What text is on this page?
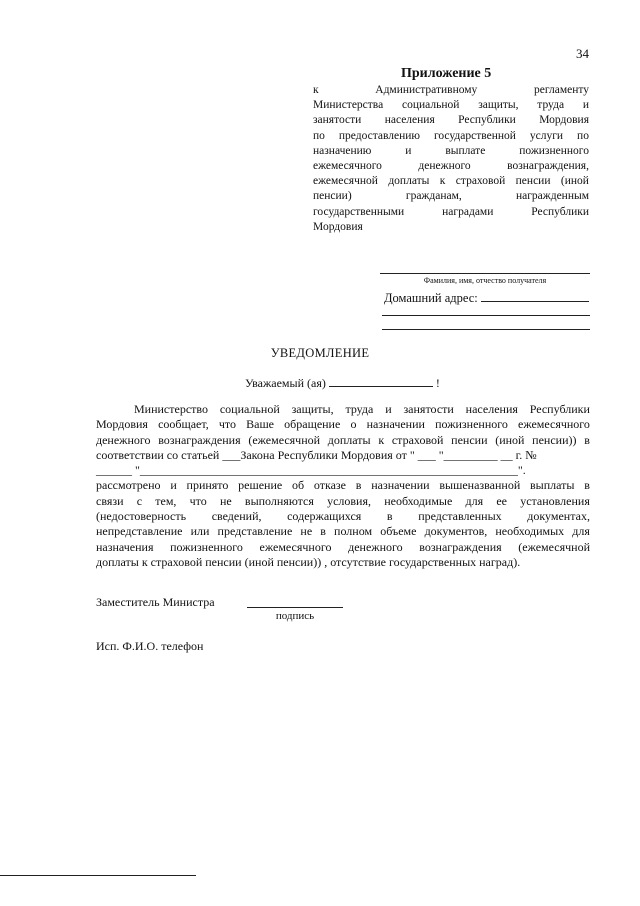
34
Приложение 5
к	Административному	регламенту
Министерства социальной защиты, труда и
занятости населения Республики Мордовия
по предоставлению государственной услуги по
назначению	и	выплате	пожизненного
ежемесячного	денежного	вознаграждения,
ежемесячной доплаты к страховой пенсии (иной
пенсии)	гражданам,	награжденным
государственными	наградами	Республики
Мордовия
Фамилия, имя, отчество получателя
Домашний адрес:
УВЕДОМЛЕНИЕ
Уважаемый (ая)	!
Министерство социальной защиты, труда и занятости населения Республики
Мордовия сообщает, что Ваше обращение о назначении пожизненного ежемесячного
денежного вознаграждения (ежемесячной доплаты к страховой пенсии (иной пенсии)) в
соответствии со статьей ___Закона Республики Мордовия от " ___ "_________ __ г. №
______ "_______________________________________________________________".
рассмотрено и принято решение об отказе в назначении вышеназванной выплаты в
связи с тем, что не выполняются условия, необходимые для ее установления
(недостоверность сведений, содержащихся в представленных документах,
непредставление или представление не в полном объеме документов, необходимых для
назначения пожизненного ежемесячного денежного вознаграждения (ежемесячной
доплаты к страховой пенсии (иной пенсии)) , отсутствие государственных наград).
Заместитель Министра
подпись
Исп. Ф.И.О. телефон
